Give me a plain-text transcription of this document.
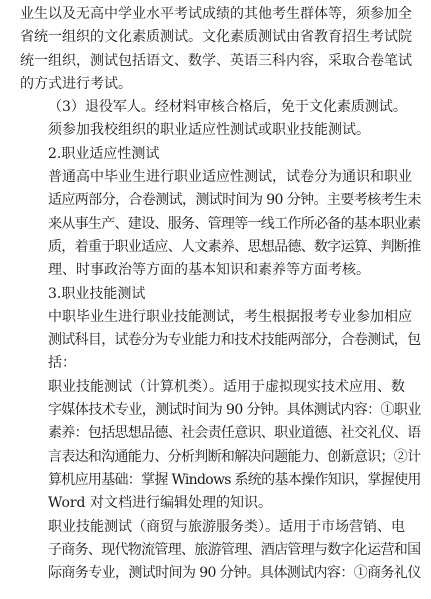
业生以及无高中学业水平考试成绩的其他考生群体等，须参加全
省统一组织的文化素质测试。文化素质测试由省教育招生考试院
统一组织，测试包括语文、数学、英语三科内容，采取合卷笔试
的方式进行考试。

（3）退役军人。经材料审核合格后，免于文化素质测试。
须参加我校组织的职业适应性测试或职业技能测试。

2.职业适应性测试

普通高中毕业生进行职业适应性测试，试卷分为通识和职业
适应两部分，合卷测试，测试时间为 90 分钟。主要考核考生未
来从事生产、建设、服务、管理等一线工作所必备的基本职业素
质，着重于职业适应、人文素养、思想品德、数字运算、判断推
理、时事政治等方面的基本知识和素养等方面考核。

3.职业技能测试

中职毕业生进行职业技能测试，考生根据报考专业参加相应
测试科目，试卷分为专业能力和技术技能两部分，合卷测试，包
括：

职业技能测试（计算机类）。适用于虚拟现实技术应用、数
字媒体技术专业，测试时间为 90 分钟。具体测试内容：①职业
素养：包括思想品德、社会责任意识、职业道德、社交礼仪、语
言表达和沟通能力、分析判断和解决问题能力、创新意识；②计
算机应用基础：掌握 Windows 系统的基本操作知识，掌握使用
Word 对文档进行编辑处理的知识。

职业技能测试（商贸与旅游服务类）。适用于市场营销、电
子商务、现代物流管理、旅游管理、酒店管理与数字化运营和国
际商务专业，测试时间为 90 分钟。具体测试内容：①商务礼仪
